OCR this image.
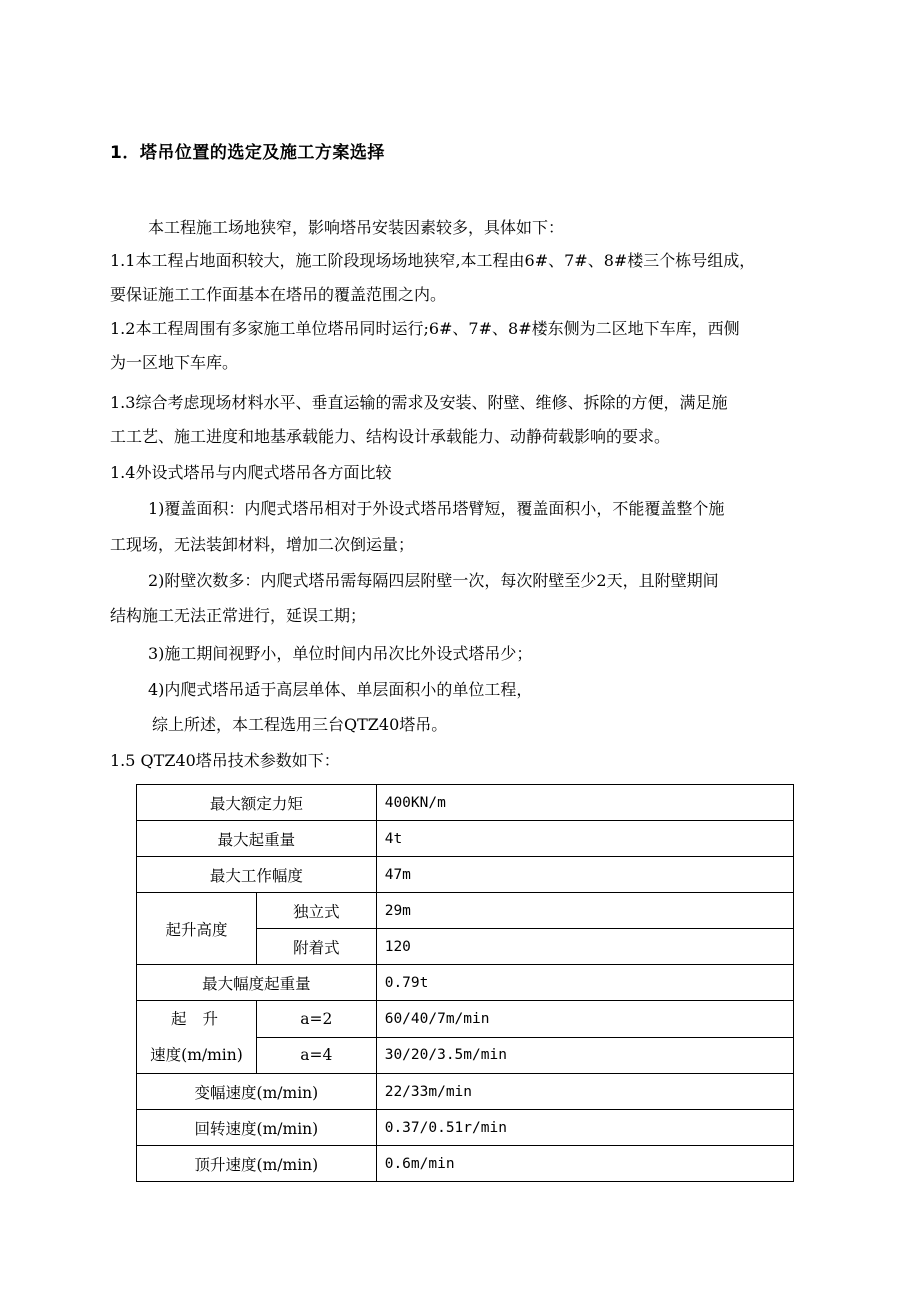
1．塔吊位置的选定及施工方案选择
本工程施工场地狭窄，影响塔吊安装因素较多，具体如下：
1.1本工程占地面积较大，施工阶段现场场地狭窄,本工程由6#、7#、8#楼三个栋号组成，
要保证施工工作面基本在塔吊的覆盖范围之内。
1.2本工程周围有多家施工单位塔吊同时运行;6#、7#、8#楼东侧为二区地下车库，西侧
为一区地下车库。
1.3综合考虑现场材料水平、垂直运输的需求及安装、附壁、维修、拆除的方便，满足施
工工艺、施工进度和地基承载能力、结构设计承载能力、动静荷载影响的要求。
1.4外设式塔吊与内爬式塔吊各方面比较
1)覆盖面积：内爬式塔吊相对于外设式塔吊塔臂短，覆盖面积小，不能覆盖整个施
工现场，无法装卸材料，增加二次倒运量；
2)附壁次数多：内爬式塔吊需每隔四层附壁一次，每次附壁至少2天，且附壁期间
结构施工无法正常进行，延误工期；
3)施工期间视野小，单位时间内吊次比外设式塔吊少；
4)内爬式塔吊适于高层单体、单层面积小的单位工程，
综上所述，本工程选用三台QTZ40塔吊。
1.5 QTZ40塔吊技术参数如下：
最大额定力矩		400KN/m
最大起重量		4t
最大工作幅度		47m
起升高度	独立式	29m
	附着式	120
最大幅度起重量		0.79t

起 升
速度(m/min)	a=2	60/40/7m/min
	a=4	30/20/3.5m/min
变幅速度(m/min)		22/33m/min
回转速度(m/min)		0.37/0.51r/min
顶升速度(m/min)		0.6m/min
